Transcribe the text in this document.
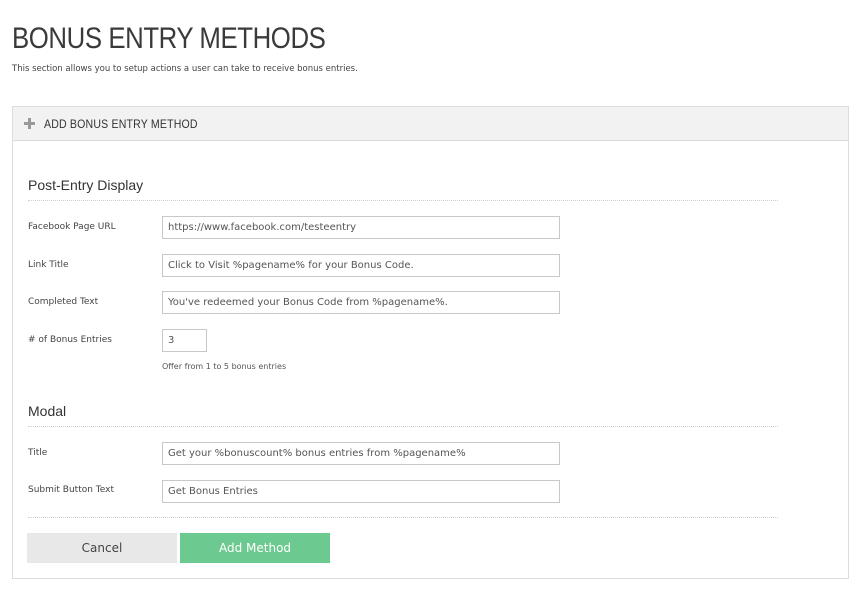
BONUS ENTRY METHODS

This section allows you to setup actions a user can take to receive bonus entries.

ADD BONUS ENTRY METHOD
Post-Entry Display
Facebook Page URL
https://www.facebook.com/testeentry
Link Title
Click to Visit %pagename% for your Bonus Code.
Completed Text
You've redeemed your Bonus Code from %pagename%.
# of Bonus Entries
3
Offer from 1 to 5 bonus entries
Modal
Title
Get your %bonuscount% bonus entries from %pagename%
Submit Button Text
Get Bonus Entries
Cancel	Add Method
